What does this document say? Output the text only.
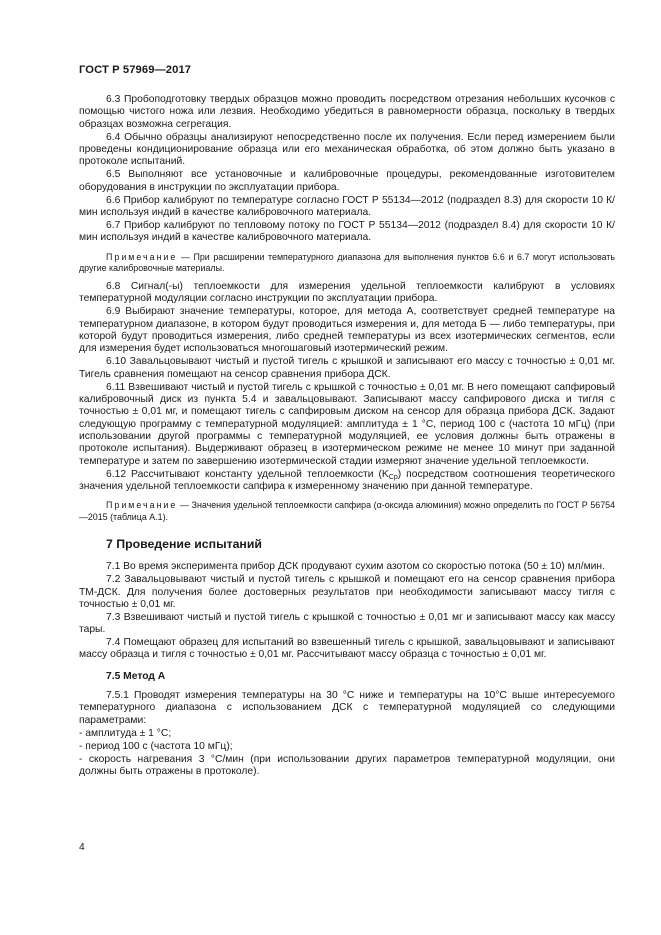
ГОСТ Р 57969—2017
6.3 Пробоподготовку твердых образцов можно проводить посредством отрезания небольших кусочков с помощью чистого ножа или лезвия. Необходимо убедиться в равномерности образца, поскольку в твердых образцах возможна сегрегация.
6.4 Обычно образцы анализируют непосредственно после их получения. Если перед измерением были проведены кондиционирование образца или его механическая обработка, об этом должно быть указано в протоколе испытаний.
6.5 Выполняют все установочные и калибровочные процедуры, рекомендованные изготовителем оборудования в инструкции по эксплуатации прибора.
6.6 Прибор калибруют по температуре согласно ГОСТ Р 55134—2012 (подраздел 8.3) для скорости 10 К/мин используя индий в качестве калибровочного материала.
6.7 Прибор калибруют по тепловому потоку по ГОСТ Р 55134—2012 (подраздел 8.4) для скорости 10 К/мин используя индий в качестве калибровочного материала.
Примечание — При расширении температурного диапазона для выполнения пунктов 6.6 и 6.7 могут использовать другие калибровочные материалы.
6.8 Сигнал(-ы) теплоемкости для измерения удельной теплоемкости калибруют в условиях температурной модуляции согласно инструкции по эксплуатации прибора.
6.9 Выбирают значение температуры, которое, для метода А, соответствует средней температуре на температурном диапазоне, в котором будут проводиться измерения и, для метода Б — либо температуры, при которой будут проводиться измерения, либо средней температуры из всех изотермических сегментов, если для измерения будет использоваться многошаговый изотермический режим.
6.10 Завальцовывают чистый и пустой тигель с крышкой и записывают его массу с точностью ± 0,01 мг. Тигель сравнения помещают на сенсор сравнения прибора ДСК.
6.11 Взвешивают чистый и пустой тигель с крышкой с точностью ± 0,01 мг. В него помещают сапфировый калибровочный диск из пункта 5.4 и завальцовывают. Записывают массу сапфирового диска и тигля с точностью ± 0,01 мг, и помещают тигель с сапфировым диском на сенсор для образца прибора ДСК. Задают следующую программу с температурной модуляцией: амплитуда ± 1 °С, период 100 с (частота 10 мГц) (при использовании другой программы с температурной модуляцией, ее условия должны быть отражены в протоколе испытания). Выдерживают образец в изотермическом режиме не менее 10 минут при заданной температуре и затем по завершению изотермической стадии измеряют значение удельной теплоемкости.
6.12 Рассчитывают константу удельной теплоемкости $(K_{Cp})$ посредством соотношения теоретического значения удельной теплоемкости сапфира к измеренному значению при данной температуре.
Примечание — Значения удельной теплоемкости сапфира (α-оксида алюминия) можно определить по ГОСТ Р 56754—2015 (таблица А.1).
7 Проведение испытаний
7.1 Во время эксперимента прибор ДСК продувают сухим азотом со скоростью потока (50 ± 10) мл/мин.
7.2 Завальцовывают чистый и пустой тигель с крышкой и помещают его на сенсор сравнения прибора ТМ-ДСК. Для получения более достоверных результатов при необходимости записывают массу тигля с точностью ± 0,01 мг.
7.3 Взвешивают чистый и пустой тигель с крышкой с точностью ± 0,01 мг и записывают массу как массу тары.
7.4 Помещают образец для испытаний во взвешенный тигель с крышкой, завальцовывают и записывают массу образца и тигля с точностью ± 0,01 мг. Рассчитывают массу образца с точностью ± 0,01 мг.
7.5 Метод А
7.5.1 Проводят измерения температуры на 30 °С ниже и температуры на 10°С выше интересуемого температурного диапазона с использованием ДСК с температурной модуляцией со следующими параметрами:
- амплитуда ± 1 °С;
- период 100 с (частота 10 мГц);
- скорость нагревания 3 °С/мин (при использовании других параметров температурной модуляции, они должны быть отражены в протоколе).
4
